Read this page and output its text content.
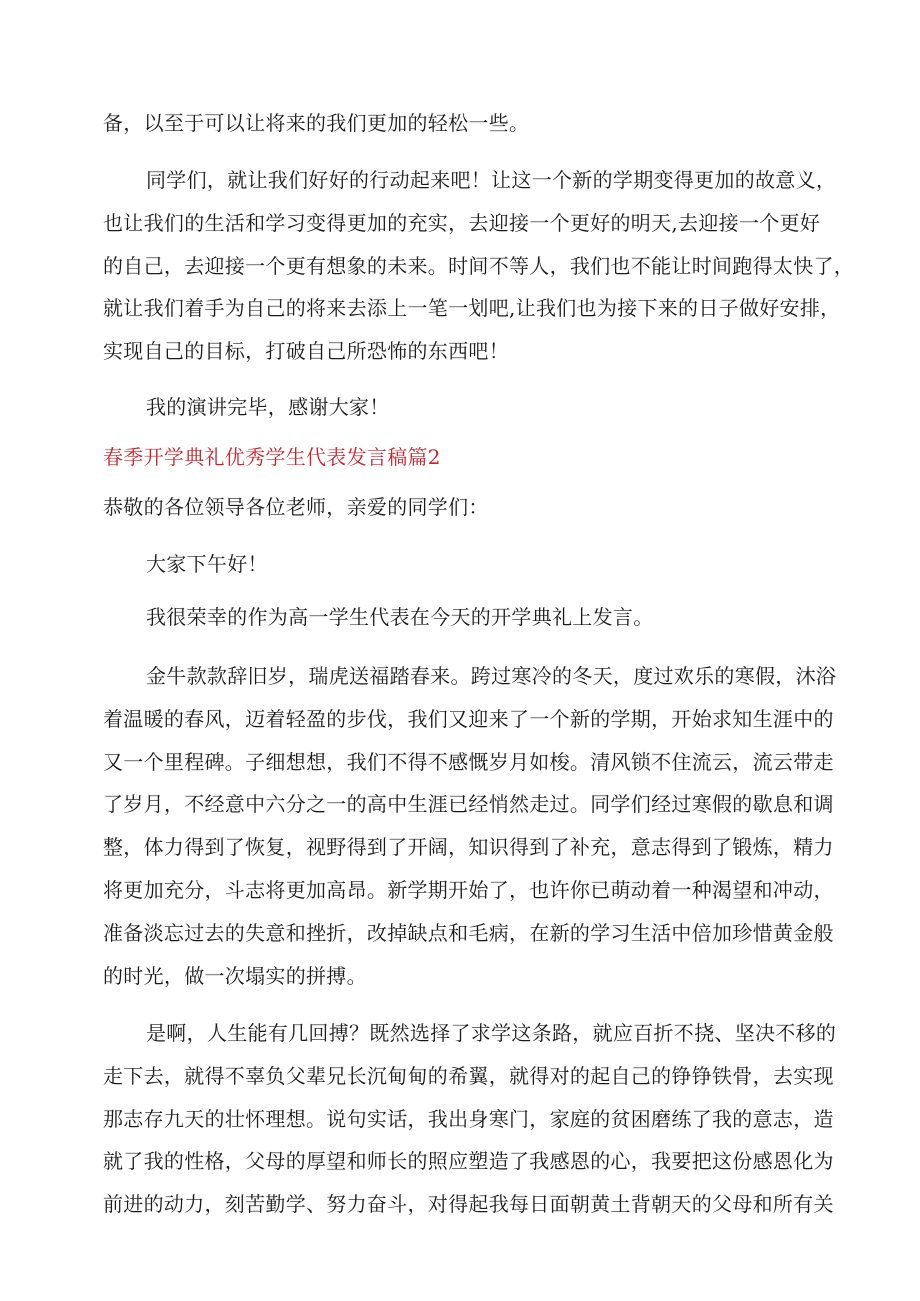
备，以至于可以让将来的我们更加的轻松一些。
同学们，就让我们好好的行动起来吧！让这一个新的学期变得更加的故意义，
也让我们的生活和学习变得更加的充实，去迎接一个更好的明天,去迎接一个更好
的自己，去迎接一个更有想象的未来。时间不等人，我们也不能让时间跑得太快了，
就让我们着手为自己的将来去添上一笔一划吧,让我们也为接下来的日子做好安排，
实现自己的目标，打破自己所恐怖的东西吧！
我的演讲完毕，感谢大家！
春季开学典礼优秀学生代表发言稿篇2
恭敬的各位领导各位老师，亲爱的同学们：
大家下午好！
我很荣幸的作为高一学生代表在今天的开学典礼上发言。
金牛款款辞旧岁，瑞虎送福踏春来。跨过寒冷的冬天，度过欢乐的寒假，沐浴
着温暖的春风，迈着轻盈的步伐，我们又迎来了一个新的学期，开始求知生涯中的
又一个里程碑。子细想想，我们不得不感慨岁月如梭。清风锁不住流云，流云带走
了岁月，不经意中六分之一的高中生涯已经悄然走过。同学们经过寒假的歇息和调
整，体力得到了恢复，视野得到了开阔，知识得到了补充，意志得到了锻炼，精力
将更加充分，斗志将更加高昂。新学期开始了，也许你已萌动着一种渴望和冲动，
准备淡忘过去的失意和挫折，改掉缺点和毛病，在新的学习生活中倍加珍惜黄金般
的时光，做一次塌实的拼搏。
是啊，人生能有几回搏？既然选择了求学这条路，就应百折不挠、坚决不移的
走下去，就得不辜负父辈兄长沉甸甸的希翼，就得对的起自己的铮铮铁骨，去实现
那志存九天的壮怀理想。说句实话，我出身寒门，家庭的贫困磨练了我的意志，造
就了我的性格，父母的厚望和师长的照应塑造了我感恩的心，我要把这份感恩化为
前进的动力，刻苦勤学、努力奋斗，对得起我每日面朝黄土背朝天的父母和所有关
